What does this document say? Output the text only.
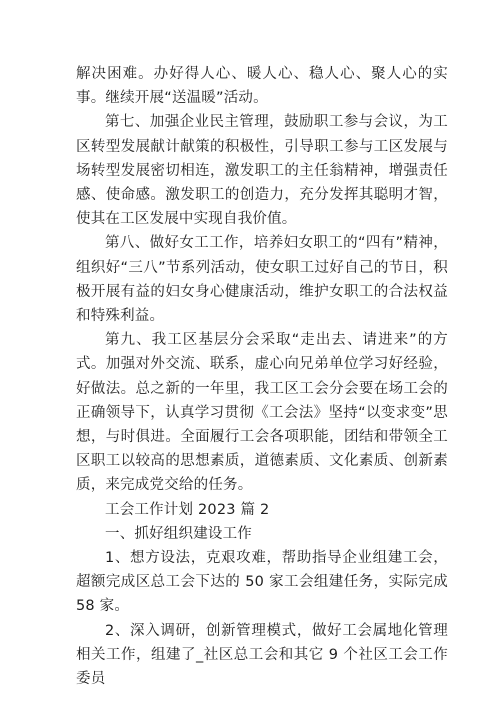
解决困难。办好得人心、暖人心、稳人心、聚人心的实事。继续开展“送温暖”活动。

第七、加强企业民主管理，鼓励职工参与会议，为工区转型发展献计献策的积极性，引导职工参与工区发展与场转型发展密切相连，激发职工的主任翁精神，增强责任感、使命感。激发职工的创造力，充分发挥其聪明才智，使其在工区发展中实现自我价值。

第八、做好女工工作，培养妇女职工的“四有”精神，组织好“三八”节系列活动，使女职工过好自己的节日，积极开展有益的妇女身心健康活动，维护女职工的合法权益和特殊利益。

第九、我工区基层分会采取“走出去、请进来”的方式。加强对外交流、联系，虚心向兄弟单位学习好经验，好做法。总之新的一年里，我工区工会分会要在场工会的正确领导下，认真学习贯彻《工会法》坚持“以变求变”思想，与时俱进。全面履行工会各项职能，团结和带领全工区职工以较高的思想素质，道德素质、文化素质、创新素质，来完成党交给的任务。

工会工作计划 2023 篇 2

一、抓好组织建设工作

1、想方设法，克艰攻难，帮助指导企业组建工会，超额完成区总工会下达的 50 家工会组建任务，实际完成 58 家。

2、深入调研，创新管理模式，做好工会属地化管理相关工作，组建了_社区总工会和其它 9 个社区工会工作委员
